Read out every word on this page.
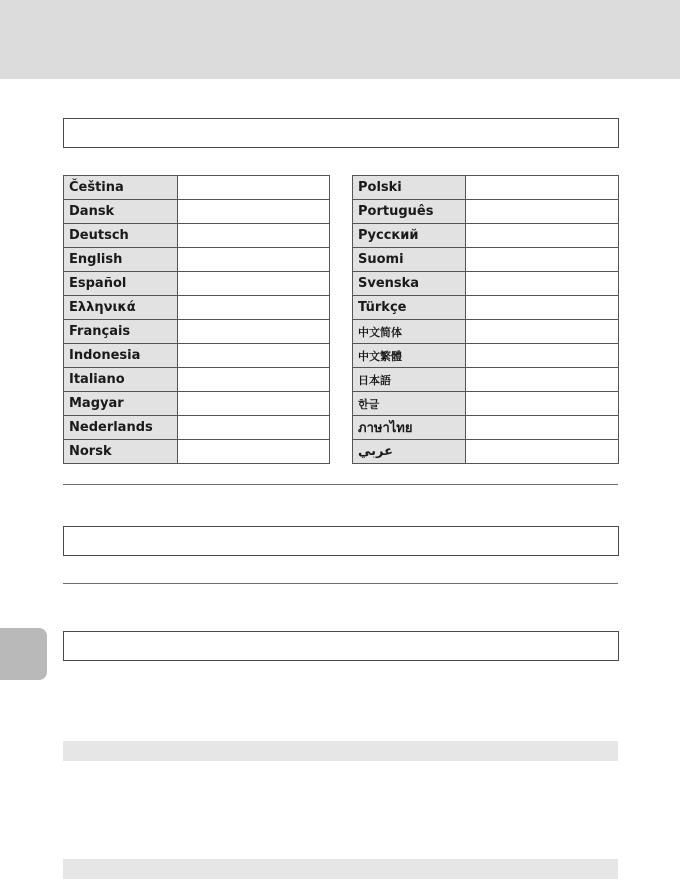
Čeština	
Dansk	
Deutsch	
English	
Español	
Ελληνικά	
Français	
Indonesia	
Italiano	
Magyar	
Nederlands	
Norsk	
Polski	
Português	
Русский	
Suomi	
Svenska	
Türkçe	
中文简体	
中文繁體	
日本語	
한글	
ภาษาไทย	
عربي	
